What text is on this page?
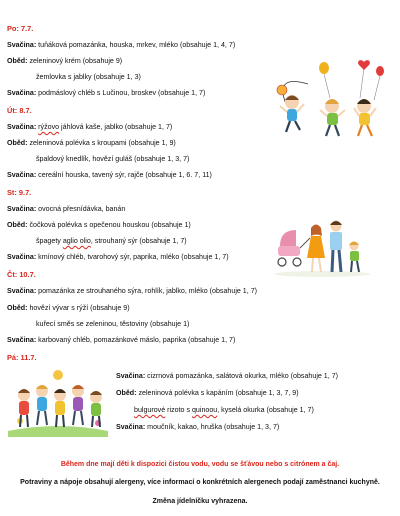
Po: 7.7.
Svačina: tuňáková pomazánka, houska, mrkev, mléko (obsahuje 1, 4, 7)
Oběd: zeleninový krém (obsahuje 9)
žemlovka s jablky (obsahuje 1, 3)
Svačina: podmáslový chléb s Lučinou, broskev (obsahuje 1, 7)
Út: 8.7.
Svačina: rýžovo jáhlová kaše, jablko (obsahuje 1, 7)
Oběd: zeleninová polévka s kroupami (obsahuje 1, 9)
špaldový knedlík, hovězí guláš (obsahuje 1, 3, 7)
Svačina: cereální houska, tavený sýr, rajče (obsahuje 1, 6. 7, 11)
St: 9.7.
Svačina: ovocná přesnídávka, banán
Oběd: čočková polévka s opečenou houskou (obsahuje 1)
špagety aglio olio, strouhaný sýr (obsahuje 1, 7)
Svačina: kmínový chléb, tvarohový sýr, paprika, mléko (obsahuje 1, 7)
Čt: 10.7.
Svačina: pomazánka ze strouhaného sýra, rohlík, jablko, mléko (obsahuje 1, 7)
Oběd: hovězí vývar s rýží (obsahuje 9)
kuřecí směs se zeleninou, těstoviny (obsahuje 1)
Svačina: karbovaný chléb, pomazánkové máslo, paprika (obsahuje 1, 7)
Pá: 11.7.
Svačina: cizrnová pomazánka, salátová okurka, mléko (obsahuje 1, 7)
Oběd: zeleninová polévka s kapáním (obsahuje 1, 3, 7, 9)
bulgurové rizoto s quinoou, kyselá okurka (obsahuje 1, 7)
Svačina: moučník, kakao, hruška (obsahuje 1, 3, 7)
Během dne mají děti k dispozici čistou vodu, vodu se šťávou nebo s citrónem a čaj.
Potraviny a nápoje obsahují alergeny, více informací o konkrétních alergenech podají zaměstnanci kuchyně.
Změna jídelníčku vyhrazena.
